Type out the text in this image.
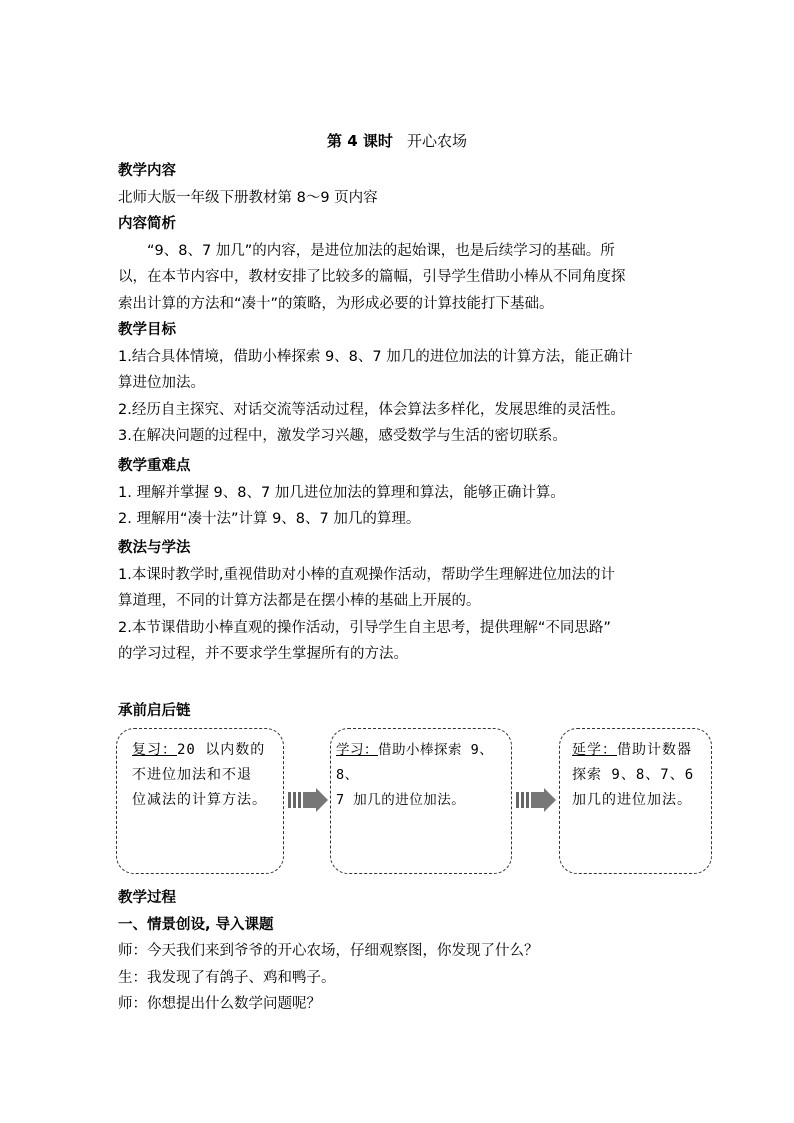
第 4 课时 开心农场
教学内容
北师大版一年级下册教材第 8～9 页内容
内容简析
“9、8、7 加几”的内容，是进位加法的起始课，也是后续学习的基础。所
以，在本节内容中，教材安排了比较多的篇幅，引导学生借助小棒从不同角度探
索出计算的方法和“凑十”的策略，为形成必要的计算技能打下基础。
教学目标
1.结合具体情境，借助小棒探索 9、8、7 加几的进位加法的计算方法，能正确计
算进位加法。
2.经历自主探究、对话交流等活动过程，体会算法多样化，发展思维的灵活性。
3.在解决问题的过程中，激发学习兴趣，感受数学与生活的密切联系。
教学重难点
1. 理解并掌握 9、8、7 加几进位加法的算理和算法，能够正确计算。
2. 理解用“凑十法”计算 9、8、7 加几的算理。
教法与学法
1.本课时教学时,重视借助对小棒的直观操作活动，帮助学生理解进位加法的计
算道理，不同的计算方法都是在摆小棒的基础上开展的。
2.本节课借助小棒直观的操作活动，引导学生自主思考，提供理解“不同思路”
的学习过程，并不要求学生掌握所有的方法。
承前启后链
复习：20 以内数的
不进位加法和不退
位减法的计算方法。
学习：借助小棒探索 9、8、
7 加几的进位加法。
延学：借助计数器
探索 9、8、7、6
加几的进位加法。
教学过程
一、情景创设, 导入课题
师：今天我们来到爷爷的开心农场，仔细观察图，你发现了什么？
生：我发现了有鸽子、鸡和鸭子。
师：你想提出什么数学问题呢？
